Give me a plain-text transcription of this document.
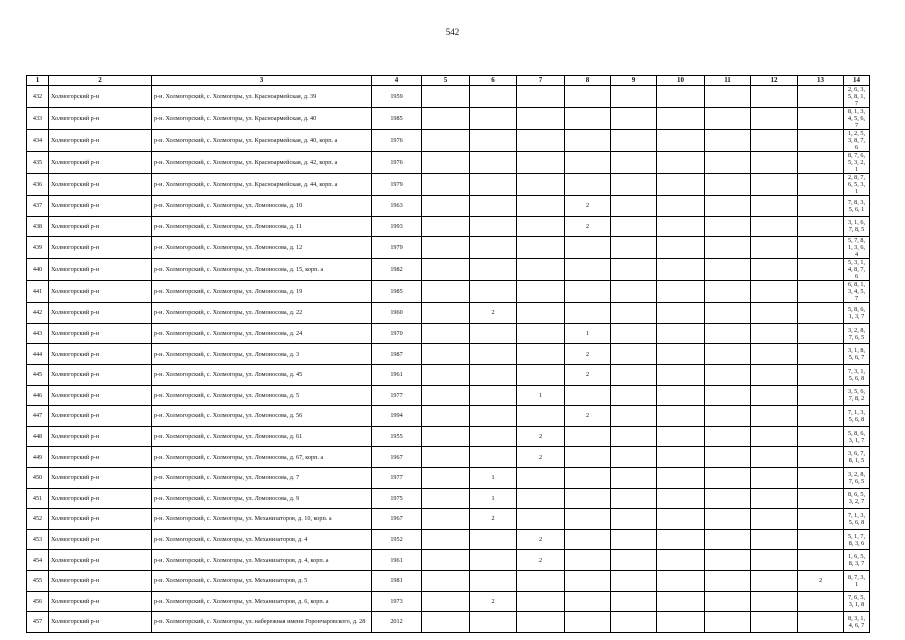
542
1	2	3	4	5	6	7	8	9	10	11	12	13	14
432	Холмогорский р-н	р-н. Холмогорский, с. Холмогоры, ул. Красноармейская, д. 39	1959										2, 6, 3, 5, 8, 1, 7
433	Холмогорский р-н	р-н. Холмогорский, с. Холмогоры, ул. Красноармейская, д. 40	1985										8, 1, 3, 4, 5, 6, 7
434	Холмогорский р-н	р-н. Холмогорский, с. Холмогоры, ул. Красноармейская, д. 40, корп. а	1976										1, 2, 5, 3, 8, 7, 6
435	Холмогорский р-н	р-н. Холмогорский, с. Холмогоры, ул. Красноармейская, д. 42, корп. а	1976										8, 7, 6, 5, 3, 2, 1
436	Холмогорский р-н	р-н. Холмогорский, с. Холмогоры, ул. Красноармейская, д. 44, корп. а	1979										2, 8, 7, 6, 5, 3, 1
437	Холмогорский р-н	р-н. Холмогорский, с. Холмогоры, ул. Ломоносова, д. 10	1963				2						7, 8, 3, 5, 6, 1
438	Холмогорский р-н	р-н. Холмогорский, с. Холмогоры, ул. Ломоносова, д. 11	1993				2						3, 1, 6, 7, 8, 5
439	Холмогорский р-н	р-н. Холмогорский, с. Холмогоры, ул. Ломоносова, д. 12	1979										5, 7, 8, 1, 3, 6, 4
440	Холмогорский р-н	р-н. Холмогорский, с. Холмогоры, ул. Ломоносова, д. 15, корп. а	1982										5, 3, 1, 4, 8, 7, 6
441	Холмогорский р-н	р-н. Холмогорский, с. Холмогоры, ул. Ломоносова, д. 19	1985										6, 8, 1, 3, 4, 5, 7
442	Холмогорский р-н	р-н. Холмогорский, с. Холмогоры, ул. Ломоносова, д. 22	1960		2								5, 8, 6, 1, 3, 7
443	Холмогорский р-н	р-н. Холмогорский, с. Холмогоры, ул. Ломоносова, д. 24	1970				1						3, 2, 8, 7, 6, 5
444	Холмогорский р-н	р-н. Холмогорский, с. Холмогоры, ул. Ломоносова, д. 3	1987				2						3, 1, 8, 5, 6, 7
445	Холмогорский р-н	р-н. Холмогорский, с. Холмогоры, ул. Ломоносова, д. 45	1961				2						7, 3, 1, 5, 6, 8
446	Холмогорский р-н	р-н. Холмогорский, с. Холмогоры, ул. Ломоносова, д. 5	1977			1							3, 5, 6, 7, 8, 2
447	Холмогорский р-н	р-н. Холмогорский, с. Холмогоры, ул. Ломоносова, д. 56	1994				2						7, 1, 3, 5, 6, 8
448	Холмогорский р-н	р-н. Холмогорский, с. Холмогоры, ул. Ломоносова, д. 61	1955			2							5, 8, 6, 3, 1, 7
449	Холмогорский р-н	р-н. Холмогорский, с. Холмогоры, ул. Ломоносова, д. 67, корп. а	1967			2							3, 6, 7, 8, 1, 5
450	Холмогорский р-н	р-н. Холмогорский, с. Холмогоры, ул. Ломоносова, д. 7	1977		1								3, 2, 8, 7, 6, 5
451	Холмогорский р-н	р-н. Холмогорский, с. Холмогоры, ул. Ломоносова, д. 9	1975		1								8, 6, 5, 3, 2, 7
452	Холмогорский р-н	р-н. Холмогорский, с. Холмогоры, ул. Механизаторов, д. 10, корп. а	1967		2								7, 1, 3, 5, 6, 8
453	Холмогорский р-н	р-н. Холмогорский, с. Холмогоры, ул. Механизаторов, д. 4	1952			2							5, 1, 7, 8, 3, 6
454	Холмогорский р-н	р-н. Холмогорский, с. Холмогоры, ул. Механизаторов, д. 4, корп. а	1961			2							1, 6, 5, 8, 3, 7
455	Холмогорский р-н	р-н. Холмогорский, с. Холмогоры, ул. Механизаторов, д. 5	1981									2	8, 7, 3, 1
456	Холмогорский р-н	р-н. Холмогорский, с. Холмогоры, ул. Механизаторов, д. 6, корп. а	1973		2								7, 6, 5, 3, 1, 8
457	Холмогорский р-н	р-н. Холмогорский, с. Холмогоры, ул. набережная имени Горончаровского, д. 28	2012										8, 3, 1, 4, 6, 7
